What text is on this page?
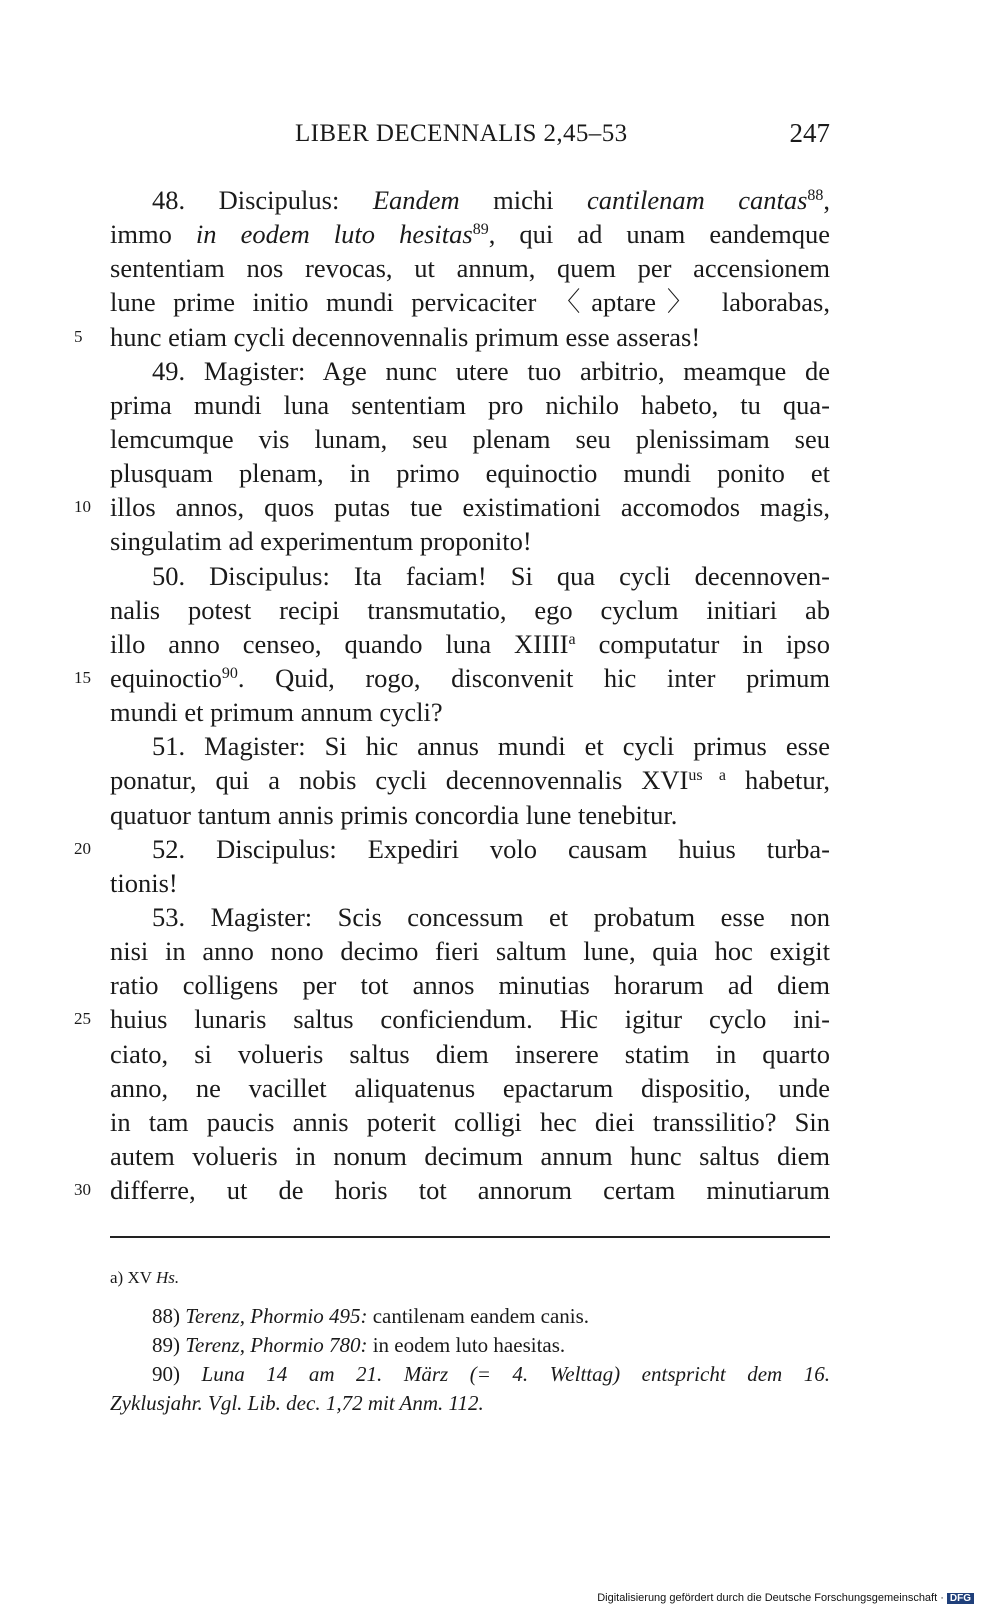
LIBER DECENNALIS 2,45–53	247
48. Discipulus: Eandem michi cantilenam cantas$^{88}$,
immo in eodem luto hesitas$^{89}$, qui ad unam eandemque
sententiam nos revocas, ut annum, quem per accensionem
lune prime initio mundi pervicaciter 〈aptare〉 laborabas,
5	hunc etiam cycli decennovennalis primum esse asseras!
49. Magister: Age nunc utere tuo arbitrio, meamque de
prima mundi luna sententiam pro nichilo habeto, tu qua-
lemcumque vis lunam, seu plenam seu plenissimam seu
plusquam plenam, in primo equinoctio mundi ponito et
10 illos annos, quos putas tue existimationi accomodos magis,
singulatim ad experimentum proponito!
50. Discipulus: Ita faciam! Si qua cycli decennoven-
nalis potest recipi transmutatio, ego cyclum initiari ab
illo anno censeo, quando luna XIIII$^a$ computatur in ipso
15 equinoctio$^{90}$. Quid, rogo, disconvenit hic inter primum
mundi et primum annum cycli?
51. Magister: Si hic annus mundi et cycli primus esse
ponatur, qui a nobis cycli decennovennalis $XVI^{us a}$ habetur,
quatuor tantum annis primis concordia lune tenebitur.
20	52. Discipulus: Expediri volo causam huius turba-
tionis!
53. Magister: Scis concessum et probatum esse non
nisi in anno nono decimo fieri saltum lune, quia hoc exigit
ratio colligens per tot annos minutias horarum ad diem
25 huius lunaris saltus conficiendum. Hic igitur cyclo ini-
ciato, si volueris saltus diem inserere statim in quarto
anno, ne vacillet aliquatenus epactarum dispositio, unde
in tam paucis annis poterit colligi hec diei transsilitio? Sin
autem volueris in nonum decimum annum hunc saltus diem
30 differre, ut de horis tot annorum certam minutiarum
a) XV Hs.
88) Terenz, Phormio 495: cantilenam eandem canis.
89) Terenz, Phormio 780: in eodem luto haesitas.
90) Luna 14 am 21. März (= 4. Welttag) entspricht dem 16.
Zyklusjahr. Vgl. Lib. dec. 1,72 mit Anm. 112.
Digitalisierung gefördert durch die Deutsche Forschungsgemeinschaft · DFG
